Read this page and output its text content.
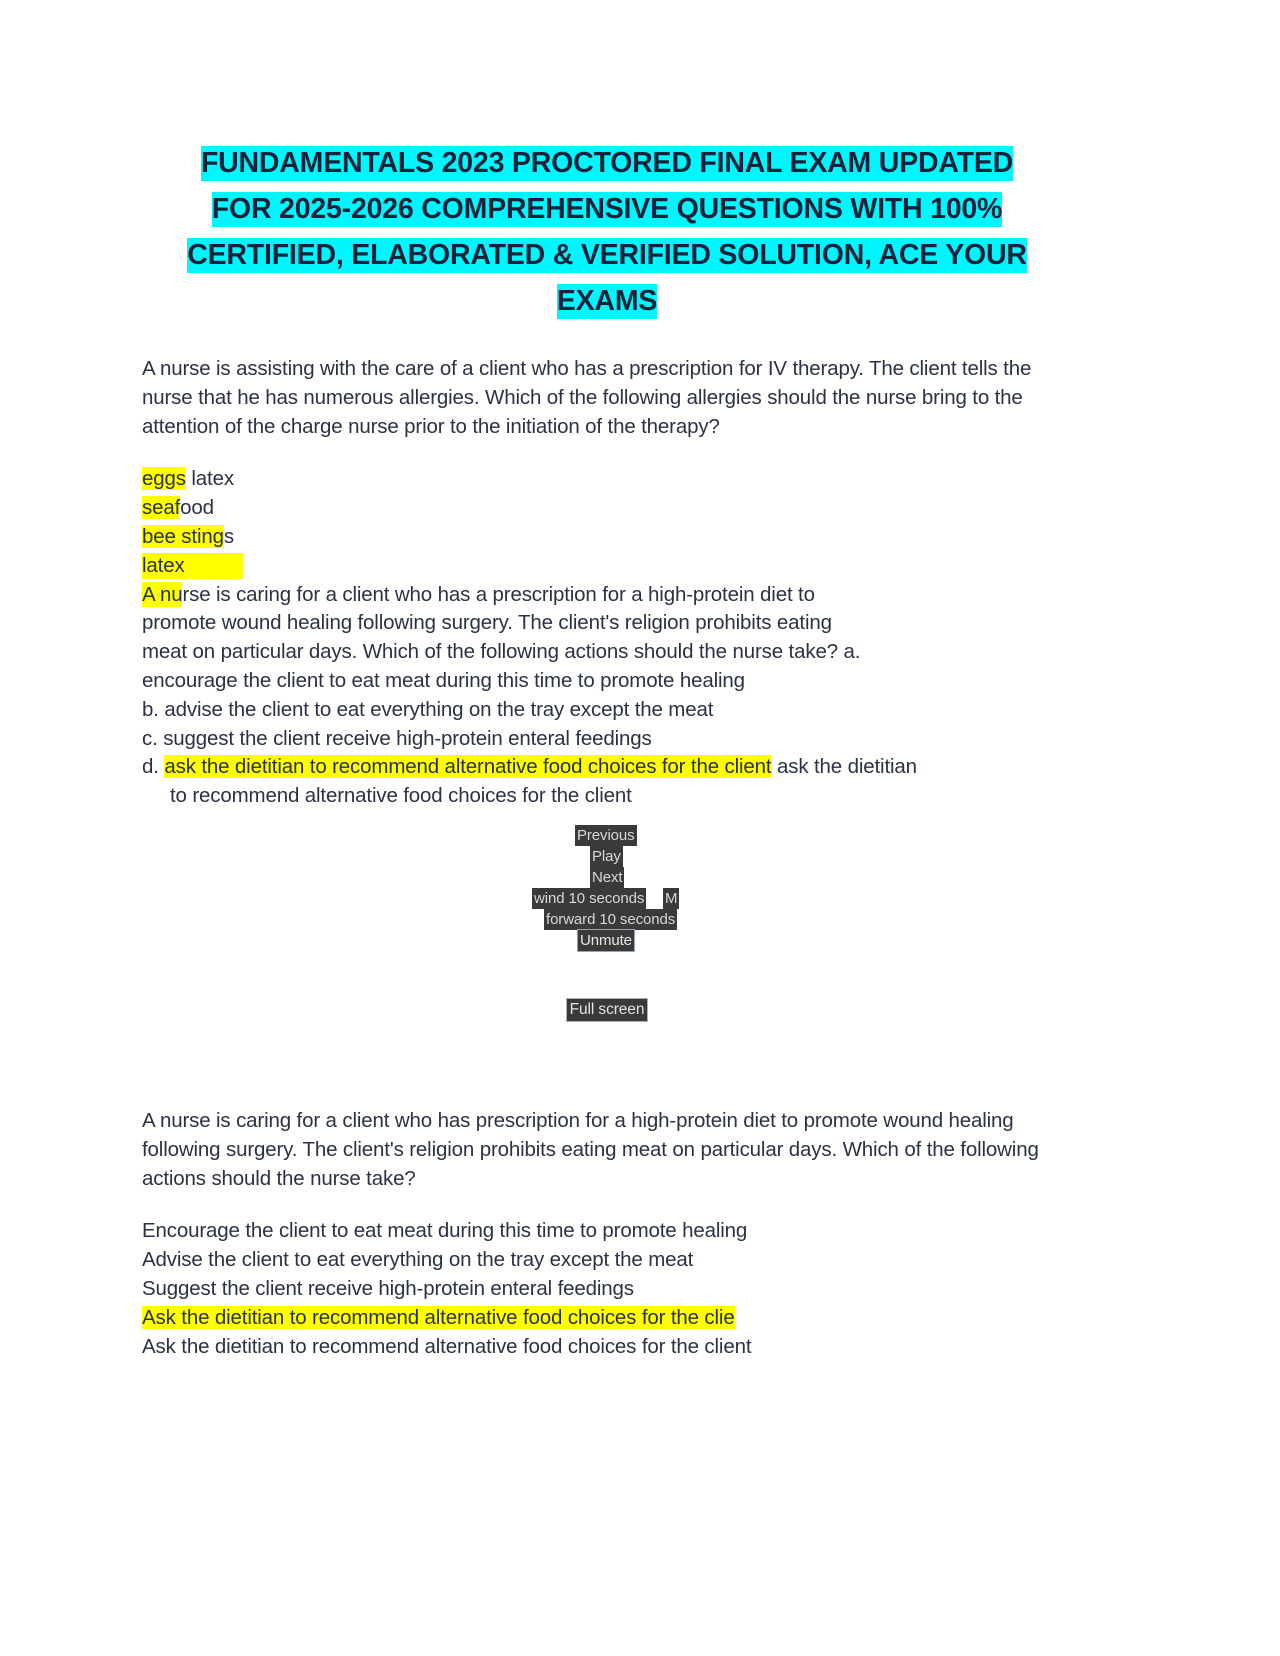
FUNDAMENTALS 2023 PROCTORED FINAL EXAM UPDATED
FOR 2025-2026 COMPREHENSIVE QUESTIONS WITH 100%
CERTIFIED, ELABORATED & VERIFIED SOLUTION, ACE YOUR
EXAMS

A nurse is assisting with the care of a client who has a prescription for IV therapy. The client tells the nurse that he has numerous allergies. Which of the following allergies should the nurse bring to the attention of the charge nurse prior to the initiation of the therapy?

eggs latex

seafood

bee stings

latex

A nurse is caring for a client who has a prescription for a high-protein diet to

promote wound healing following surgery. The client's religion prohibits eating

meat on particular days. Which of the following actions should the nurse take? a.

encourage the client to eat meat during this time to promote healing

b. advise the client to eat everything on the tray except the meat

c. suggest the client receive high-protein enteral feedings

d. ask the dietitian to recommend alternative food choices for the client ask the dietitian
to recommend alternative food choices for the client

Previous
Play
Next
wind 10 seconds M
forward 10 seconds
Unmute
Full screen

A nurse is caring for a client who has prescription for a high-protein diet to promote wound healing following surgery. The client's religion prohibits eating meat on particular days. Which of the following actions should the nurse take?

Encourage the client to eat meat during this time to promote healing

Advise the client to eat everything on the tray except the meat

Suggest the client receive high-protein enteral feedings

Ask the dietitian to recommend alternative food choices for the clie

Ask the dietitian to recommend alternative food choices for the client
